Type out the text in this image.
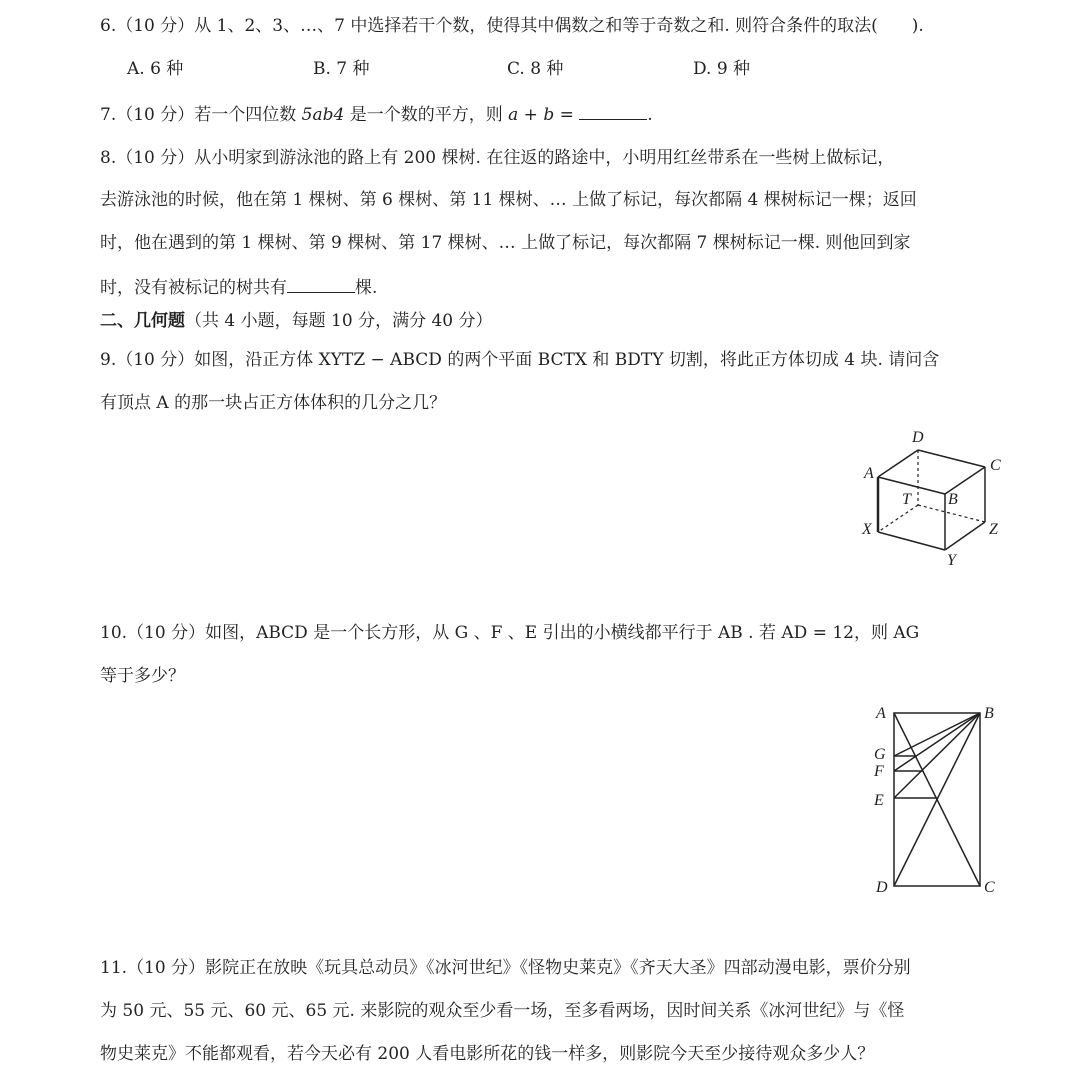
6.（10 分）从 1、2、3、…、7 中选择若干个数，使得其中偶数之和等于奇数之和. 则符合条件的取法(　　).
A. 6 种	B. 7 种	C. 8 种	D. 9 种
7.（10 分）若一个四位数 5ab4 是一个数的平方，则 a + b =	.
8.（10 分）从小明家到游泳池的路上有 200 棵树. 在往返的路途中，小明用红丝带系在一些树上做标记，
去游泳池的时候，他在第 1 棵树、第 6 棵树、第 11 棵树、… 上做了标记，每次都隔 4 棵树标记一棵；返回
时，他在遇到的第 1 棵树、第 9 棵树、第 17 棵树、… 上做了标记，每次都隔 7 棵树标记一棵. 则他回到家
时，没有被标记的树共有	棵.
二、几何题（共 4 小题，每题 10 分，满分 40 分）
9.（10 分）如图，沿正方体 XYTZ − ABCD 的两个平面 BCTX 和 BDTY 切割，将此正方体切成 4 块. 请问含
有顶点 A 的那一块占正方体体积的几分之几？
D
A	C
T B
X	Z
Y
10.（10 分）如图，ABCD 是一个长方形，从 G 、F 、E 引出的小横线都平行于 AB . 若 AD = 12，则 AG
等于多少？
A	B
G
F
E
D	C
11.（10 分）影院正在放映《玩具总动员》《冰河世纪》《怪物史莱克》《齐天大圣》四部动漫电影，票价分别
为 50 元、55 元、60 元、65 元. 来影院的观众至少看一场，至多看两场，因时间关系《冰河世纪》与《怪
物史莱克》不能都观看，若今天必有 200 人看电影所花的钱一样多，则影院今天至少接待观众多少人？
